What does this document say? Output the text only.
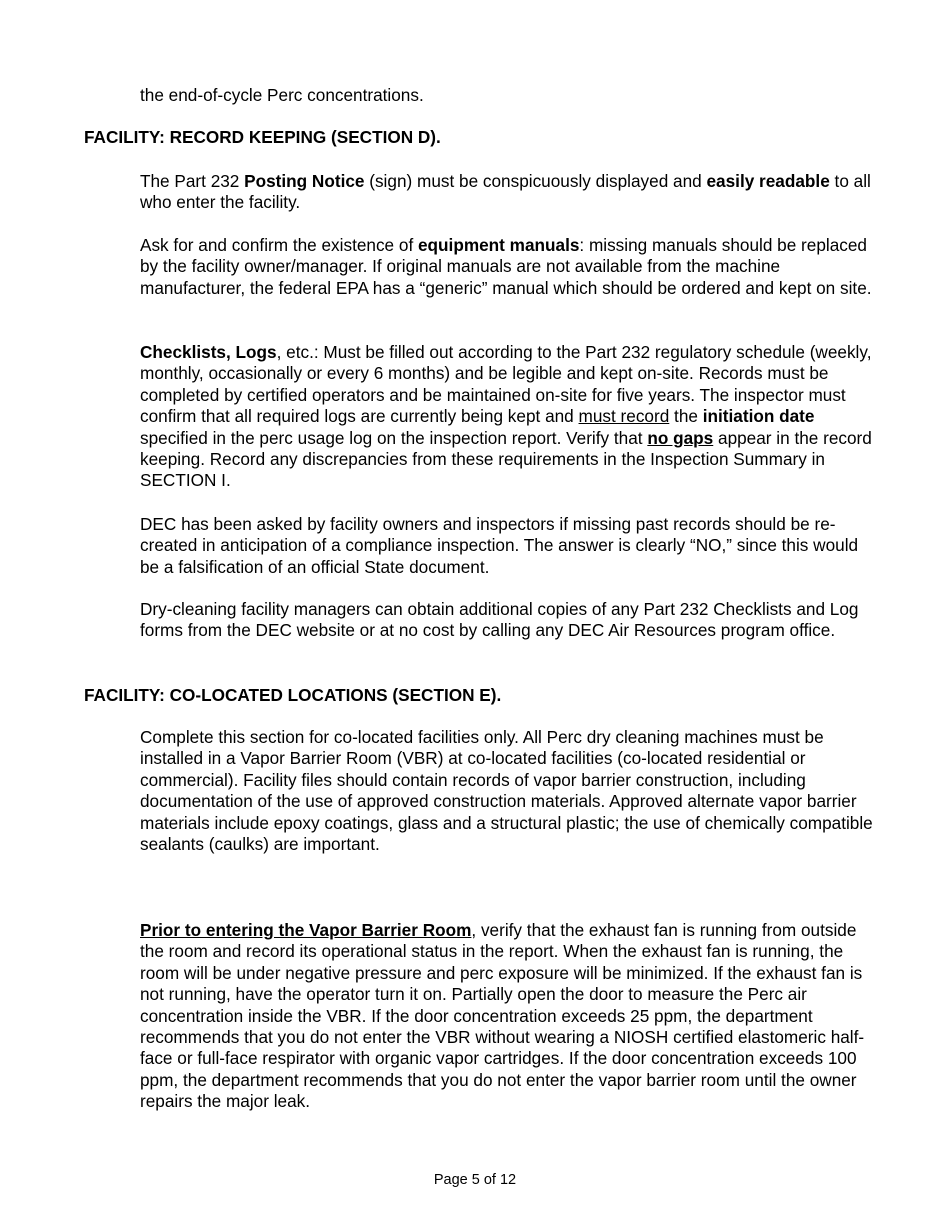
the end-of-cycle Perc concentrations.

FACILITY: RECORD KEEPING (SECTION D).

The Part 232 Posting Notice (sign) must be conspicuously displayed and easily readable to all who enter the facility.

Ask for and confirm the existence of equipment manuals: missing manuals should be replaced by the facility owner/manager. If original manuals are not available from the machine manufacturer, the federal EPA has a “generic” manual which should be ordered and kept on site.

Checklists, Logs, etc.: Must be filled out according to the Part 232 regulatory schedule (weekly, monthly, occasionally or every 6 months) and be legible and kept on-site. Records must be completed by certified operators and be maintained on-site for five years. The inspector must confirm that all required logs are currently being kept and must record the initiation date specified in the perc usage log on the inspection report. Verify that no gaps appear in the record keeping. Record any discrepancies from these requirements in the Inspection Summary in SECTION I.

DEC has been asked by facility owners and inspectors if missing past records should be re-created in anticipation of a compliance inspection. The answer is clearly “NO,” since this would be a falsification of an official State document.

Dry-cleaning facility managers can obtain additional copies of any Part 232 Checklists and Log forms from the DEC website or at no cost by calling any DEC Air Resources program office.

FACILITY: CO-LOCATED LOCATIONS (SECTION E).

Complete this section for co-located facilities only. All Perc dry cleaning machines must be installed in a Vapor Barrier Room (VBR) at co-located facilities (co-located residential or commercial). Facility files should contain records of vapor barrier construction, including documentation of the use of approved construction materials. Approved alternate vapor barrier materials include epoxy coatings, glass and a structural plastic; the use of chemically compatible sealants (caulks) are important.

Prior to entering the Vapor Barrier Room, verify that the exhaust fan is running from outside the room and record its operational status in the report. When the exhaust fan is running, the room will be under negative pressure and perc exposure will be minimized. If the exhaust fan is not running, have the operator turn it on. Partially open the door to measure the Perc air concentration inside the VBR. If the door concentration exceeds 25 ppm, the department recommends that you do not enter the VBR without wearing a NIOSH certified elastomeric half-face or full-face respirator with organic vapor cartridges. If the door concentration exceeds 100 ppm, the department recommends that you do not enter the vapor barrier room until the owner repairs the major leak.

Page 5 of 12
